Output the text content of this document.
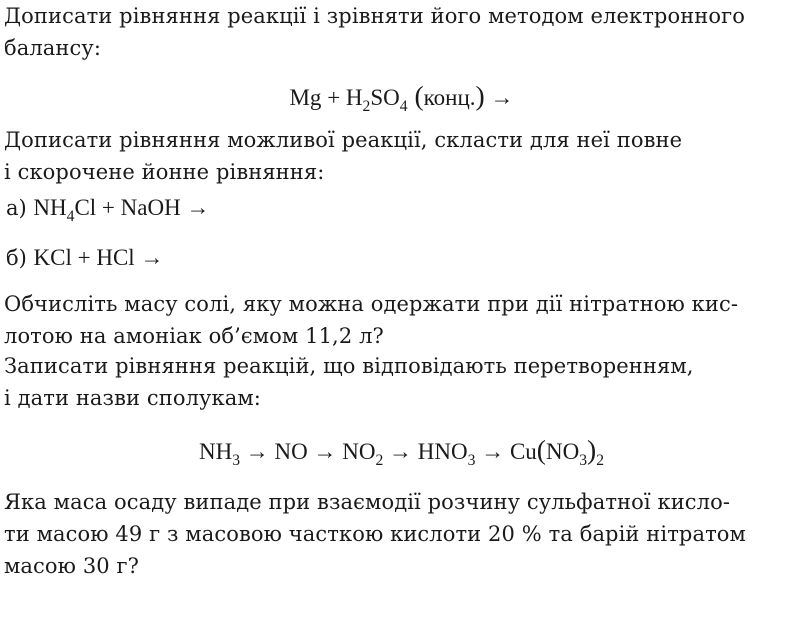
Дописати рівняння реакції і зрівняти його методом електронного
балансу:
$Mg + H_2SO_4$ (конц.) →
Дописати рівняння можливої реакції, скласти для неї повне
і скорочене йонне рівняння:
а) $NH_4Cl$ + NaOH →
б) KCl + HCl →
Обчисліть масу солі, яку можна одержати при дії нітратною кис-
лотою на амоніак об’ємом 11,2 л?
Записати рівняння реакцій, що відповідають перетворенням,
і дати назви сполукам:
$NH_3$ → NO → $NO_2 \to HNO_3 \to Cu(NO_3)_2$
Яка маса осаду випаде при взаємодії розчину сульфатної кисло-
ти масою 49 г з масовою часткою кислоти 20 % та барій нітратом
масою 30 г?
